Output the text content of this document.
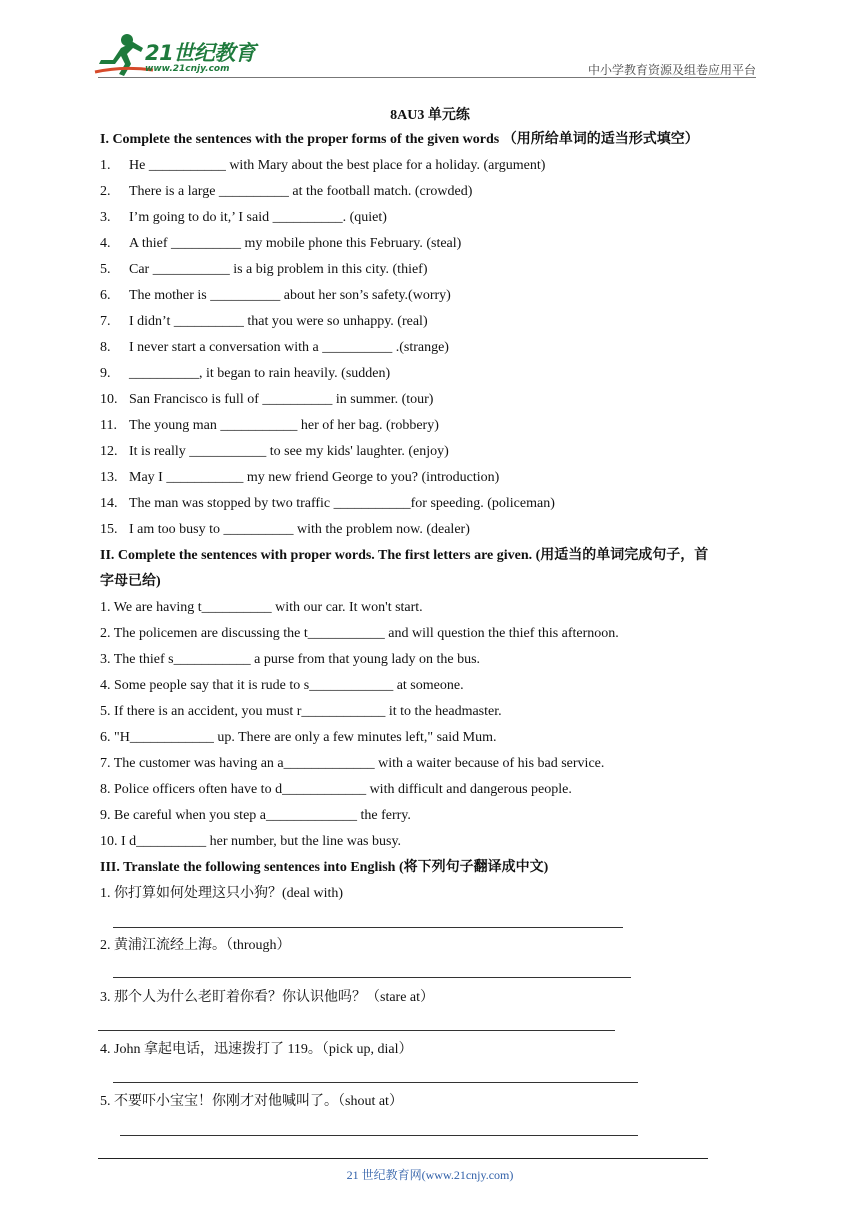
21世纪教育
www.21cnjy.com	中小学教育资源及组卷应用平台
8AU3 单元练
I. Complete the sentences with the proper forms of the given words （用所给单词的适当形式填空）
1. He ___________ with Mary about the best place for a holiday. (argument)
2. There is a large __________ at the football match. (crowded)
3. I’m going to do it,’ I said __________. (quiet)
4. A thief __________ my mobile phone this February. (steal)
5. Car ___________ is a big problem in this city. (thief)
6. The mother is __________ about her son’s safety.(worry)
7. I didn’t __________ that you were so unhappy. (real)
8. I never start a conversation with a __________ .(strange)
9. __________, it began to rain heavily. (sudden)
10. San Francisco is full of __________ in summer. (tour)
11. The young man ___________ her of her bag. (robbery)
12. It is really ___________ to see my kids' laughter. (enjoy)
13. May I ___________ my new friend George to you? (introduction)
14. The man was stopped by two traffic ___________for speeding. (policeman)
15. I am too busy to __________ with the problem now. (dealer)
II. Complete the sentences with proper words. The first letters are given. (用适当的单词完成句子，首
字母已给)
1. We are having t__________ with our car. It won't start.
2. The policemen are discussing the t___________ and will question the thief this afternoon.
3. The thief s___________ a purse from that young lady on the bus.
4. Some people say that it is rude to s____________ at someone.
5. If there is an accident, you must r____________ it to the headmaster.
6. "H____________ up. There are only a few minutes left," said Mum.
7. The customer was having an a_____________ with a waiter because of his bad service.
8. Police officers often have to d____________ with difficult and dangerous people.
9. Be careful when you step a_____________ the ferry.
10. I d__________ her number, but the line was busy.
III. Translate the following sentences into English (将下列句子翻译成中文)
1. 你打算如何处理这只小狗？(deal with)
2. 黄浦江流经上海。（through）
3. 那个人为什么老盯着你看？你认识他吗？（stare at）
4. John 拿起电话，迅速拨打了 119。（pick up, dial）
5. 不要吓小宝宝！你刚才对他喊叫了。（shout at）
21 世纪教育网(www.21cnjy.com)
